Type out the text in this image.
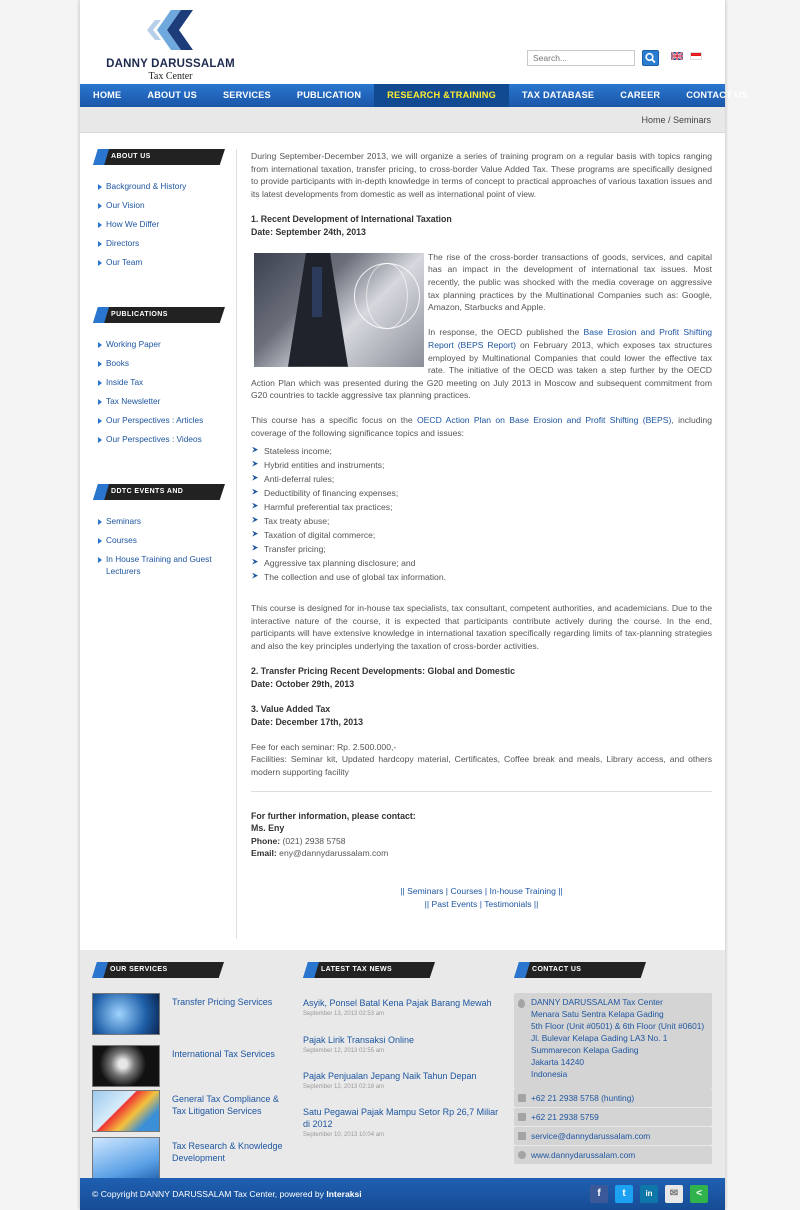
DANNY DARUSSALAM
Tax Center
Search...
HOME	ABOUT US	SERVICES	PUBLICATION	RESEARCH &TRAINING	TAX DATABASE	CAREER	CONTACT US
Home / Seminars
ABOUT US
Background & History
Our Vision
How We Differ
Directors
Our Team
PUBLICATIONS
Working Paper
Books
Inside Tax
Tax Newsletter
Our Perspectives : Articles
Our Perspectives : Videos
DDTC EVENTS AND PROGRAMS
Seminars
Courses
In House Training and Guest Lecturers

During September-December 2013, we will organize a series of training program on a regular basis with topics ranging from international taxation, transfer pricing, to cross-border Value Added Tax. These programs are specifically designed to provide participants with in-depth knowledge in terms of concept to practical approaches of various taxation issues and its latest developments from domestic as well as international point of view.

1. Recent Development of International Taxation
Date: September 24th, 2013

The rise of the cross-border transactions of goods, services, and capital has an impact in the development of international tax issues. Most recently, the public was shocked with the media coverage on aggressive tax planning practices by the Multinational Companies such as: Google, Amazon, Starbucks and Apple.

In response, the OECD published the Base Erosion and Profit Shifting Report (BEPS Report) on February 2013, which exposes tax structures employed by Multinational Companies that could lower the effective tax rate. The initiative of the OECD was taken a step further by the OECD Action Plan which was presented during the G20 meeting on July 2013 in Moscow and subsequent commitment from G20 countries to tackle aggressive tax planning practices.

This course has a specific focus on the OECD Action Plan on Base Erosion and Profit Shifting (BEPS), including coverage of the following significance topics and issues:

Stateless income;
Hybrid entities and instruments;
Anti-deferral rules;
Deductibility of financing expenses;
Harmful preferential tax practices;
Tax treaty abuse;
Taxation of digital commerce;
Transfer pricing;
Aggressive tax planning disclosure; and
The collection and use of global tax information.

This course is designed for in-house tax specialists, tax consultant, competent authorities, and academicians. Due to the interactive nature of the course, it is expected that participants contribute actively during the course. In the end, participants will have extensive knowledge in international taxation specifically regarding limits of tax-planning strategies and also the key principles underlying the taxation of cross-border activities.

2. Transfer Pricing Recent Developments: Global and Domestic
Date: October 29th, 2013

3. Value Added Tax
Date: December 17th, 2013

Fee for each seminar: Rp. 2.500.000,-

Facilities: Seminar kit, Updated hardcopy material, Certificates, Coffee break and meals, Library access, and others modern supporting facility

For further information, please contact:
Ms. Eny

Phone: (021) 2938 5758

Email: eny@dannydarussalam.com

|| Seminars | Courses | In-house Training ||
|| Past Events | Testimonials ||
OUR SERVICES	LATEST TAX NEWS	CONTACT US
Transfer Pricing Services
International Tax Services
General Tax Compliance & Tax Litigation Services
Tax Research & Knowledge Development
Asyik, Ponsel Batal Kena Pajak Barang Mewah
September 13, 2013 02:53 am
Pajak Lirik Transaksi Online
September 12, 2013 02:55 am
Pajak Penjualan Jepang Naik Tahun Depan
September 12, 2013 02:18 am
Satu Pegawai Pajak Mampu Setor Rp 26,7 Miliar di 2012
September 10, 2013 10:04 am
DANNY DARUSSALAM Tax Center
Menara Satu Sentra Kelapa Gading
5th Floor (Unit #0501) & 6th Floor (Unit #0601)
Jl. Bulevar Kelapa Gading LA3 No. 1
Summarecon Kelapa Gading
Jakarta 14240
Indonesia
+62 21 2938 5758 (hunting)
+62 21 2938 5759
service@dannydarussalam.com
www.dannydarussalam.com
© Copyright DANNY DARUSSALAM Tax Center, powered by Interaksi	f	t	in	✉	<
